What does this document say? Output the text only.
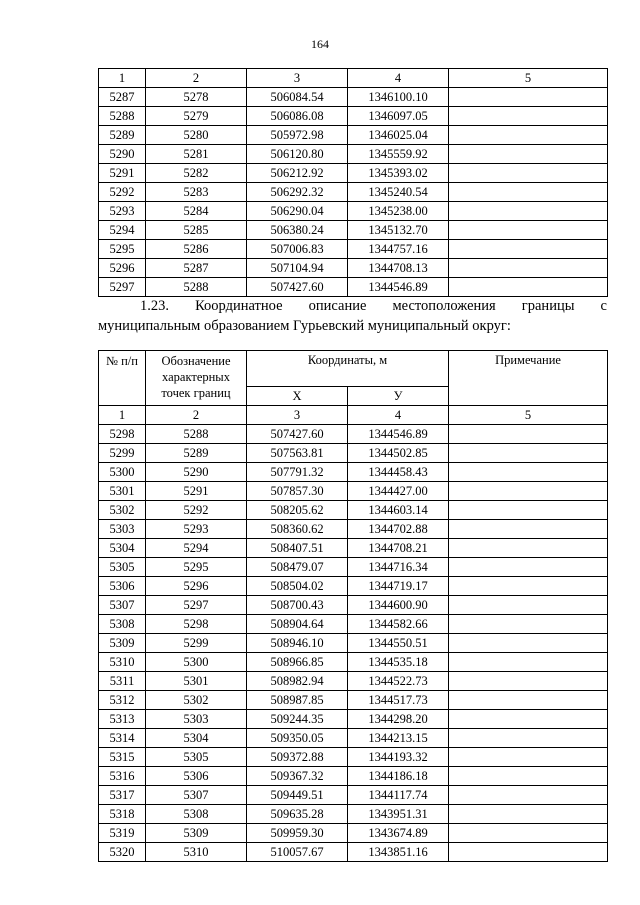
164
1	2	3	4	5
5287	5278	506084.54	1346100.10	
5288	5279	506086.08	1346097.05	
5289	5280	505972.98	1346025.04	
5290	5281	506120.80	1345559.92	
5291	5282	506212.92	1345393.02	
5292	5283	506292.32	1345240.54	
5293	5284	506290.04	1345238.00	
5294	5285	506380.24	1345132.70	
5295	5286	507006.83	1344757.16	
5296	5287	507104.94	1344708.13	
5297	5288	507427.60	1344546.89	
1.23. Координатное описание местоположения границы с
муниципальным образованием Гурьевский муниципальный округ:
№ п/п	Обозначение характерных точек границ	Координаты, м		Примечание
		X	У	
1	2	3	4	5
5298	5288	507427.60	1344546.89	
5299	5289	507563.81	1344502.85	
5300	5290	507791.32	1344458.43	
5301	5291	507857.30	1344427.00	
5302	5292	508205.62	1344603.14	
5303	5293	508360.62	1344702.88	
5304	5294	508407.51	1344708.21	
5305	5295	508479.07	1344716.34	
5306	5296	508504.02	1344719.17	
5307	5297	508700.43	1344600.90	
5308	5298	508904.64	1344582.66	
5309	5299	508946.10	1344550.51	
5310	5300	508966.85	1344535.18	
5311	5301	508982.94	1344522.73	
5312	5302	508987.85	1344517.73	
5313	5303	509244.35	1344298.20	
5314	5304	509350.05	1344213.15	
5315	5305	509372.88	1344193.32	
5316	5306	509367.32	1344186.18	
5317	5307	509449.51	1344117.74	
5318	5308	509635.28	1343951.31	
5319	5309	509959.30	1343674.89	
5320	5310	510057.67	1343851.16	
